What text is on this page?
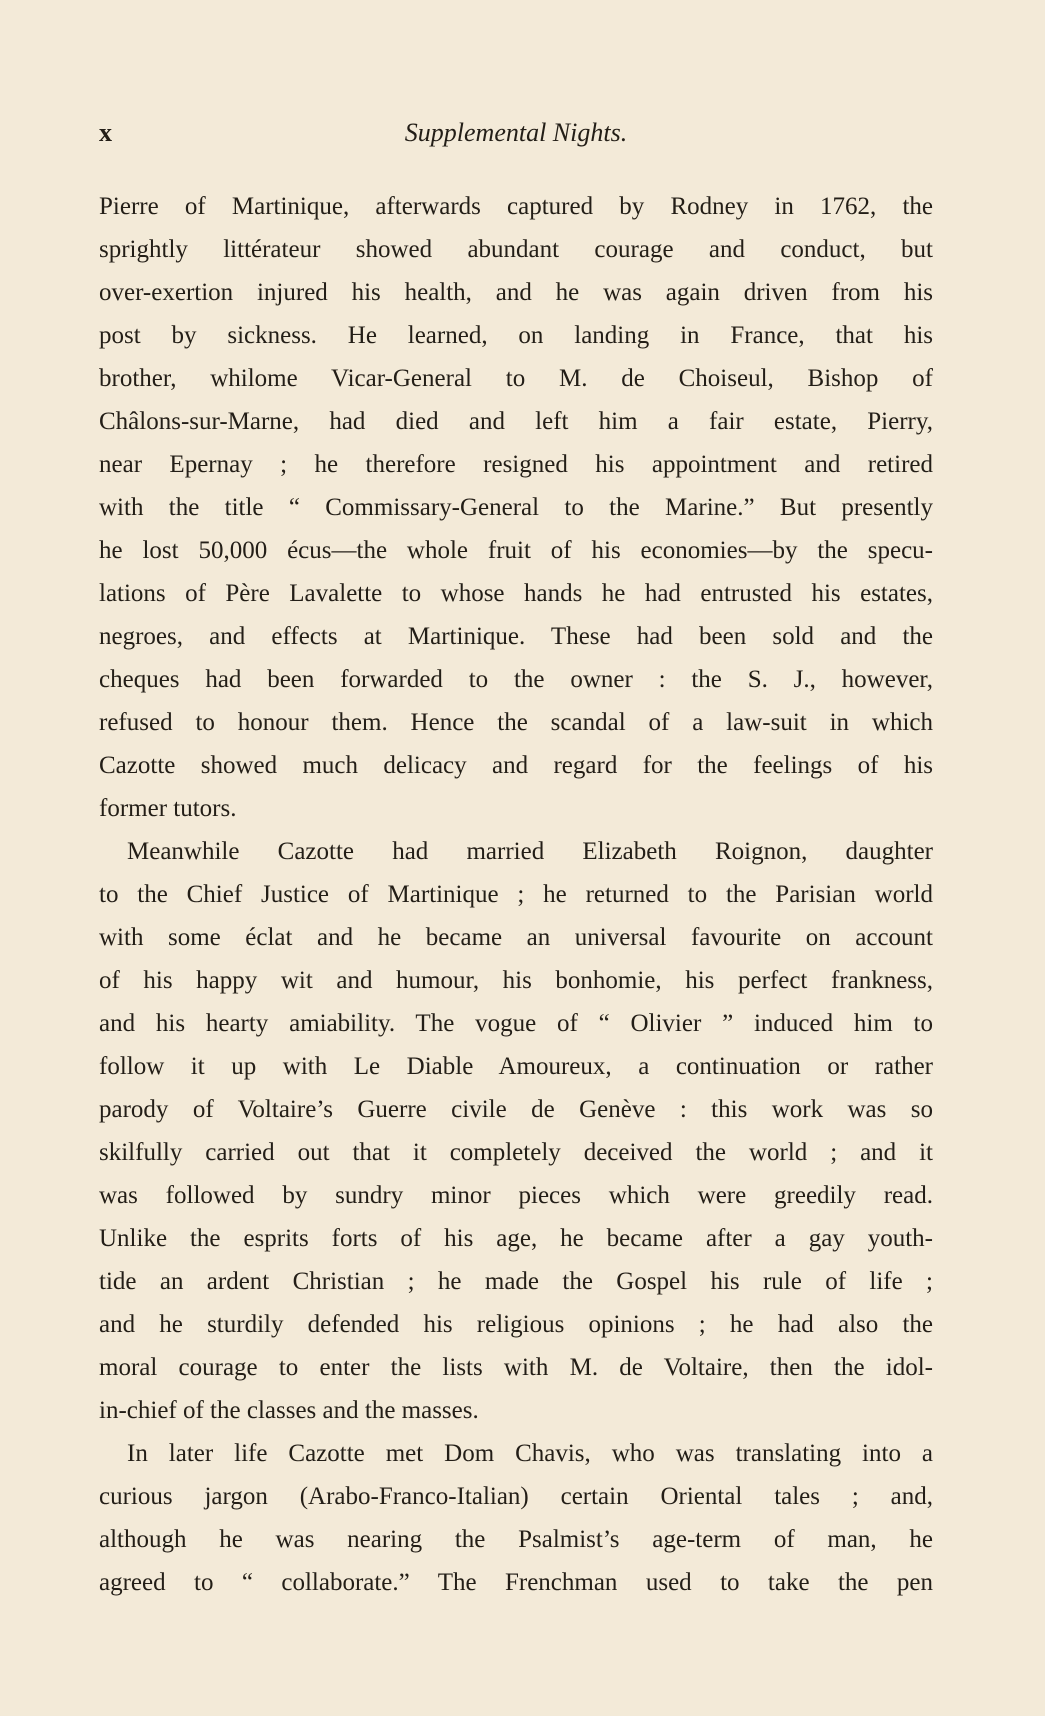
x	Supplemental Nights.
Pierre of Martinique, afterwards captured by Rodney in 1762, the
sprightly littérateur showed abundant courage and conduct, but
over-exertion injured his health, and he was again driven from his
post by sickness. He learned, on landing in France, that his
brother, whilome Vicar-General to M. de Choiseul, Bishop of
Châlons-sur-Marne, had died and left him a fair estate, Pierry,
near Epernay ; he therefore resigned his appointment and retired
with the title “ Commissary-General to the Marine.” But presently
he lost 50,000 écus—the whole fruit of his economies—by the specu-
lations of Père Lavalette to whose hands he had entrusted his estates,
negroes, and effects at Martinique. These had been sold and the
cheques had been forwarded to the owner : the S. J., however,
refused to honour them. Hence the scandal of a law-suit in which
Cazotte showed much delicacy and regard for the feelings of his
former tutors.
Meanwhile Cazotte had married Elizabeth Roignon, daughter
to the Chief Justice of Martinique ; he returned to the Parisian world
with some éclat and he became an universal favourite on account
of his happy wit and humour, his bonhomie, his perfect frankness,
and his hearty amiability. The vogue of “ Olivier ” induced him to
follow it up with Le Diable Amoureux, a continuation or rather
parody of Voltaire’s Guerre civile de Genève : this work was so
skilfully carried out that it completely deceived the world ; and it
was followed by sundry minor pieces which were greedily read.
Unlike the esprits forts of his age, he became after a gay youth-
tide an ardent Christian ; he made the Gospel his rule of life ;
and he sturdily defended his religious opinions ; he had also the
moral courage to enter the lists with M. de Voltaire, then the idol-
in-chief of the classes and the masses.
In later life Cazotte met Dom Chavis, who was translating into a
curious jargon (Arabo-Franco-Italian) certain Oriental tales ; and,
although he was nearing the Psalmist’s age-term of man, he
agreed to “ collaborate.” The Frenchman used to take the pen
